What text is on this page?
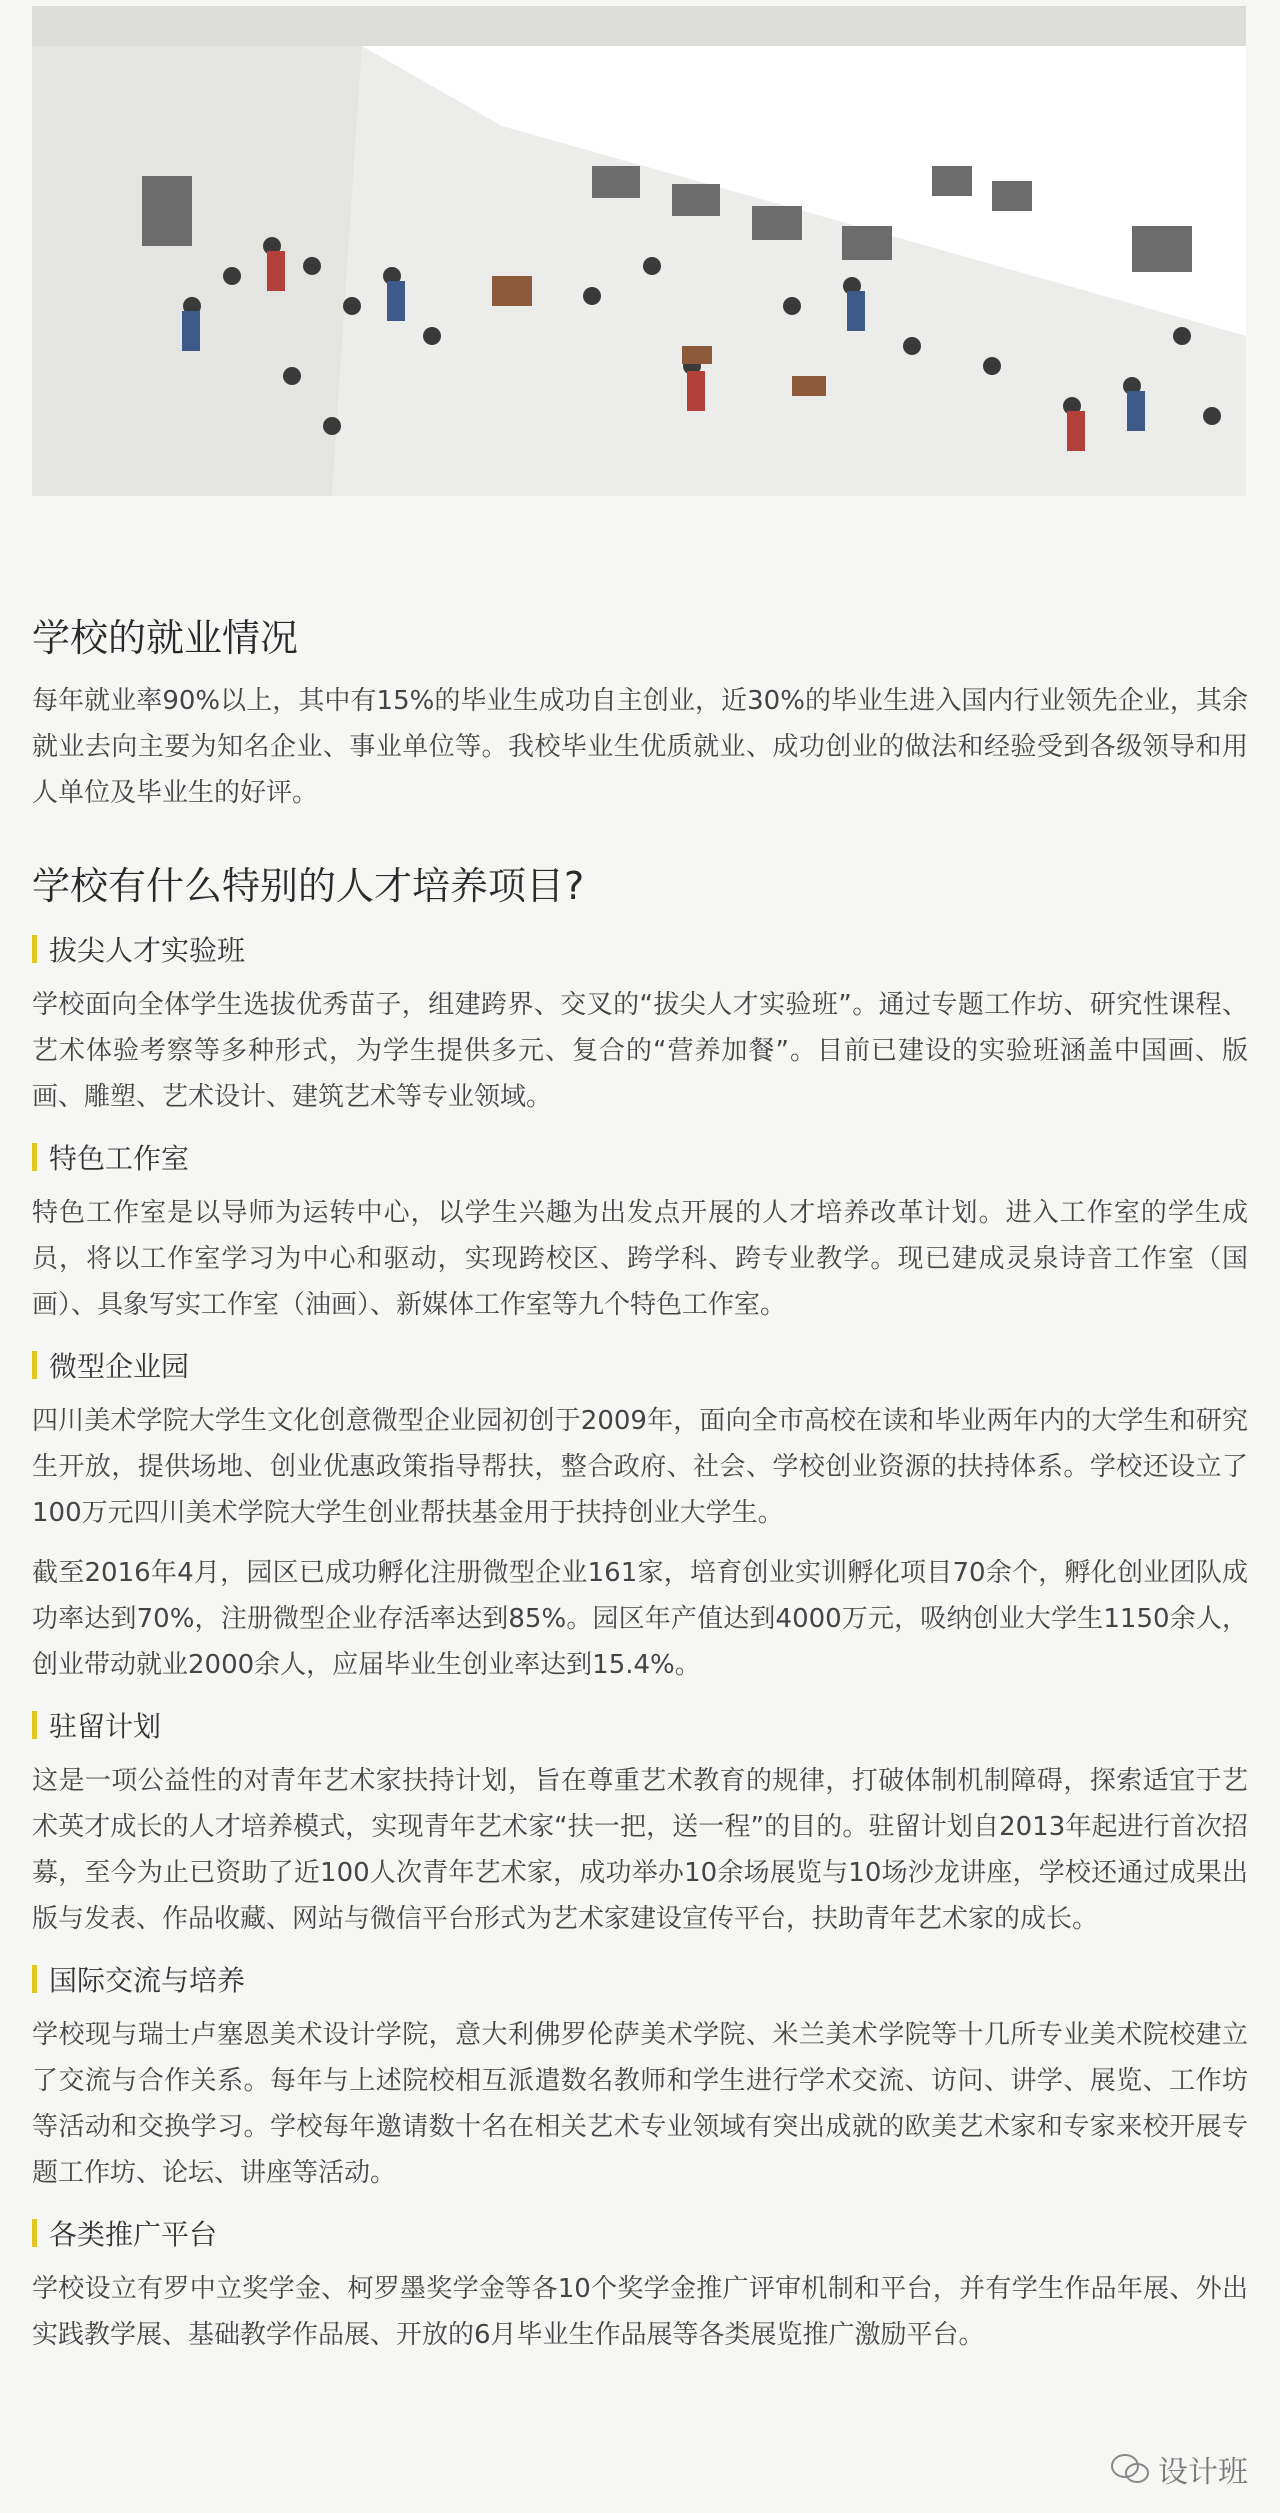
学校的就业情况

每年就业率90%以上，其中有15%的毕业生成功自主创业，近30%的毕业生进入国内行业领先企业，其余就业去向主要为知名企业、事业单位等。我校毕业生优质就业、成功创业的做法和经验受到各级领导和用人单位及毕业生的好评。

学校有什么特别的人才培养项目?
拔尖人才实验班

学校面向全体学生选拔优秀苗子，组建跨界、交叉的“拔尖人才实验班”。通过专题工作坊、研究性课程、艺术体验考察等多种形式，为学生提供多元、复合的“营养加餐”。目前已建设的实验班涵盖中国画、版画、雕塑、艺术设计、建筑艺术等专业领域。

特色工作室

特色工作室是以导师为运转中心，以学生兴趣为出发点开展的人才培养改革计划。进入工作室的学生成员，将以工作室学习为中心和驱动，实现跨校区、跨学科、跨专业教学。现已建成灵泉诗音工作室（国画）、具象写实工作室（油画）、新媒体工作室等九个特色工作室。

微型企业园

四川美术学院大学生文化创意微型企业园初创于2009年，面向全市高校在读和毕业两年内的大学生和研究生开放，提供场地、创业优惠政策指导帮扶，整合政府、社会、学校创业资源的扶持体系。学校还设立了100万元四川美术学院大学生创业帮扶基金用于扶持创业大学生。

截至2016年4月，园区已成功孵化注册微型企业161家，培育创业实训孵化项目70余个，孵化创业团队成功率达到70%，注册微型企业存活率达到85%。园区年产值达到4000万元，吸纳创业大学生1150余人，创业带动就业2000余人，应届毕业生创业率达到15.4%。

驻留计划

这是一项公益性的对青年艺术家扶持计划，旨在尊重艺术教育的规律，打破体制机制障碍，探索适宜于艺术英才成长的人才培养模式，实现青年艺术家“扶一把，送一程”的目的。驻留计划自2013年起进行首次招募，至今为止已资助了近100人次青年艺术家，成功举办10余场展览与10场沙龙讲座，学校还通过成果出版与发表、作品收藏、网站与微信平台形式为艺术家建设宣传平台，扶助青年艺术家的成长。

国际交流与培养

学校现与瑞士卢塞恩美术设计学院，意大利佛罗伦萨美术学院、米兰美术学院等十几所专业美术院校建立了交流与合作关系。每年与上述院校相互派遣数名教师和学生进行学术交流、访问、讲学、展览、工作坊等活动和交换学习。学校每年邀请数十名在相关艺术专业领域有突出成就的欧美艺术家和专家来校开展专题工作坊、论坛、讲座等活动。

各类推广平台

学校设立有罗中立奖学金、柯罗墨奖学金等各10个奖学金推广评审机制和平台，并有学生作品年展、外出实践教学展、基础教学作品展、开放的6月毕业生作品展等各类展览推广激励平台。

设计班
